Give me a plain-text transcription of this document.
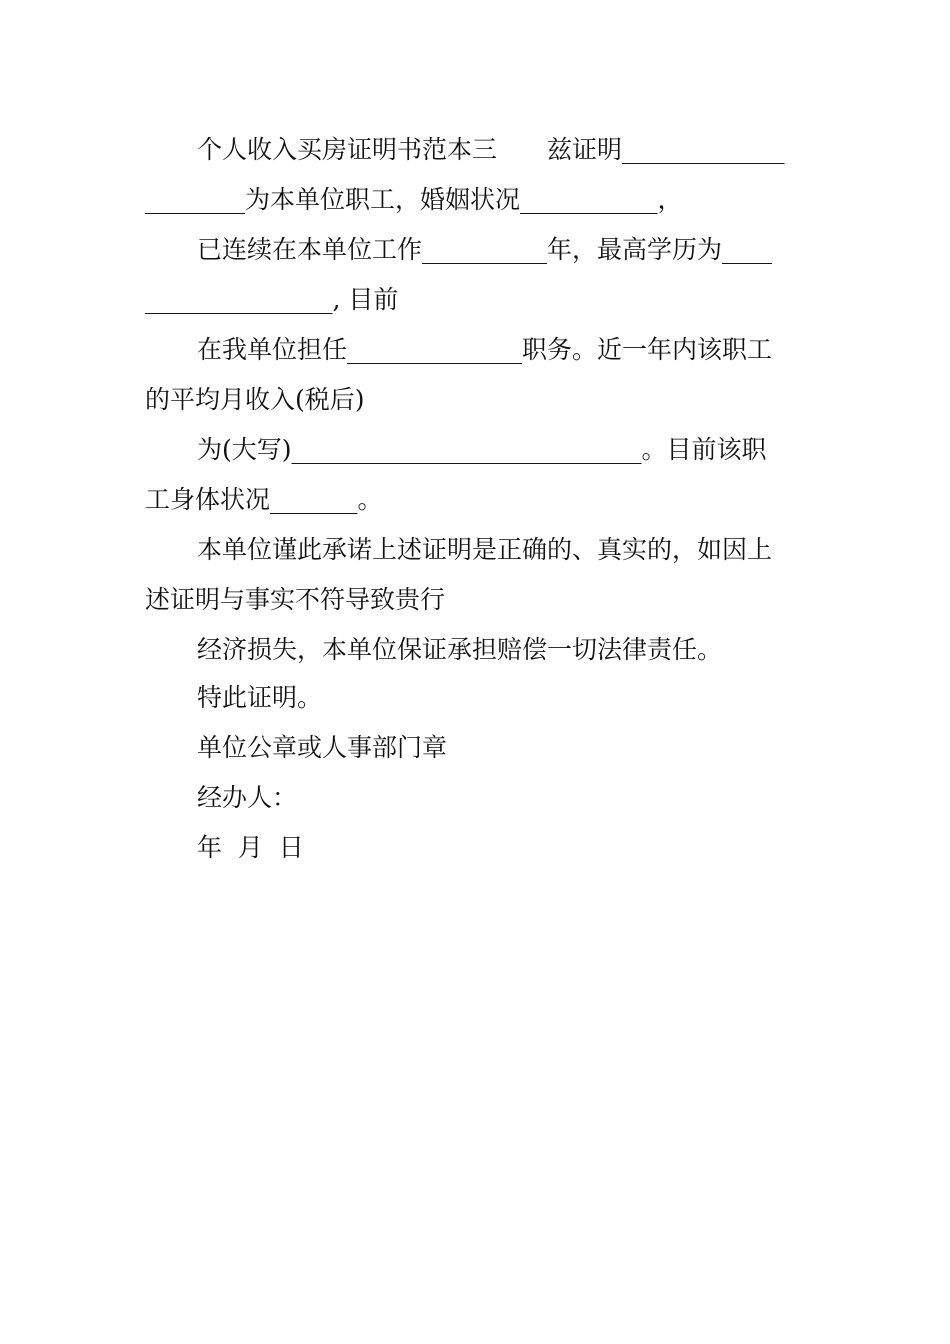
个人收入买房证明书范本三　　兹证明_____________
________为本单位职工，婚姻状况___________，
已连续在本单位工作__________年，最高学历为____
_______________, 目前
在我单位担任______________职务。近一年内该职工
的平均月收入(税后)
为(大写)____________________________。目前该职
工身体状况_______。
本单位谨此承诺上述证明是正确的、真实的，如因上
述证明与事实不符导致贵行
经济损失，本单位保证承担赔偿一切法律责任。
特此证明。
单位公章或人事部门章
经办人：
年  月  日
